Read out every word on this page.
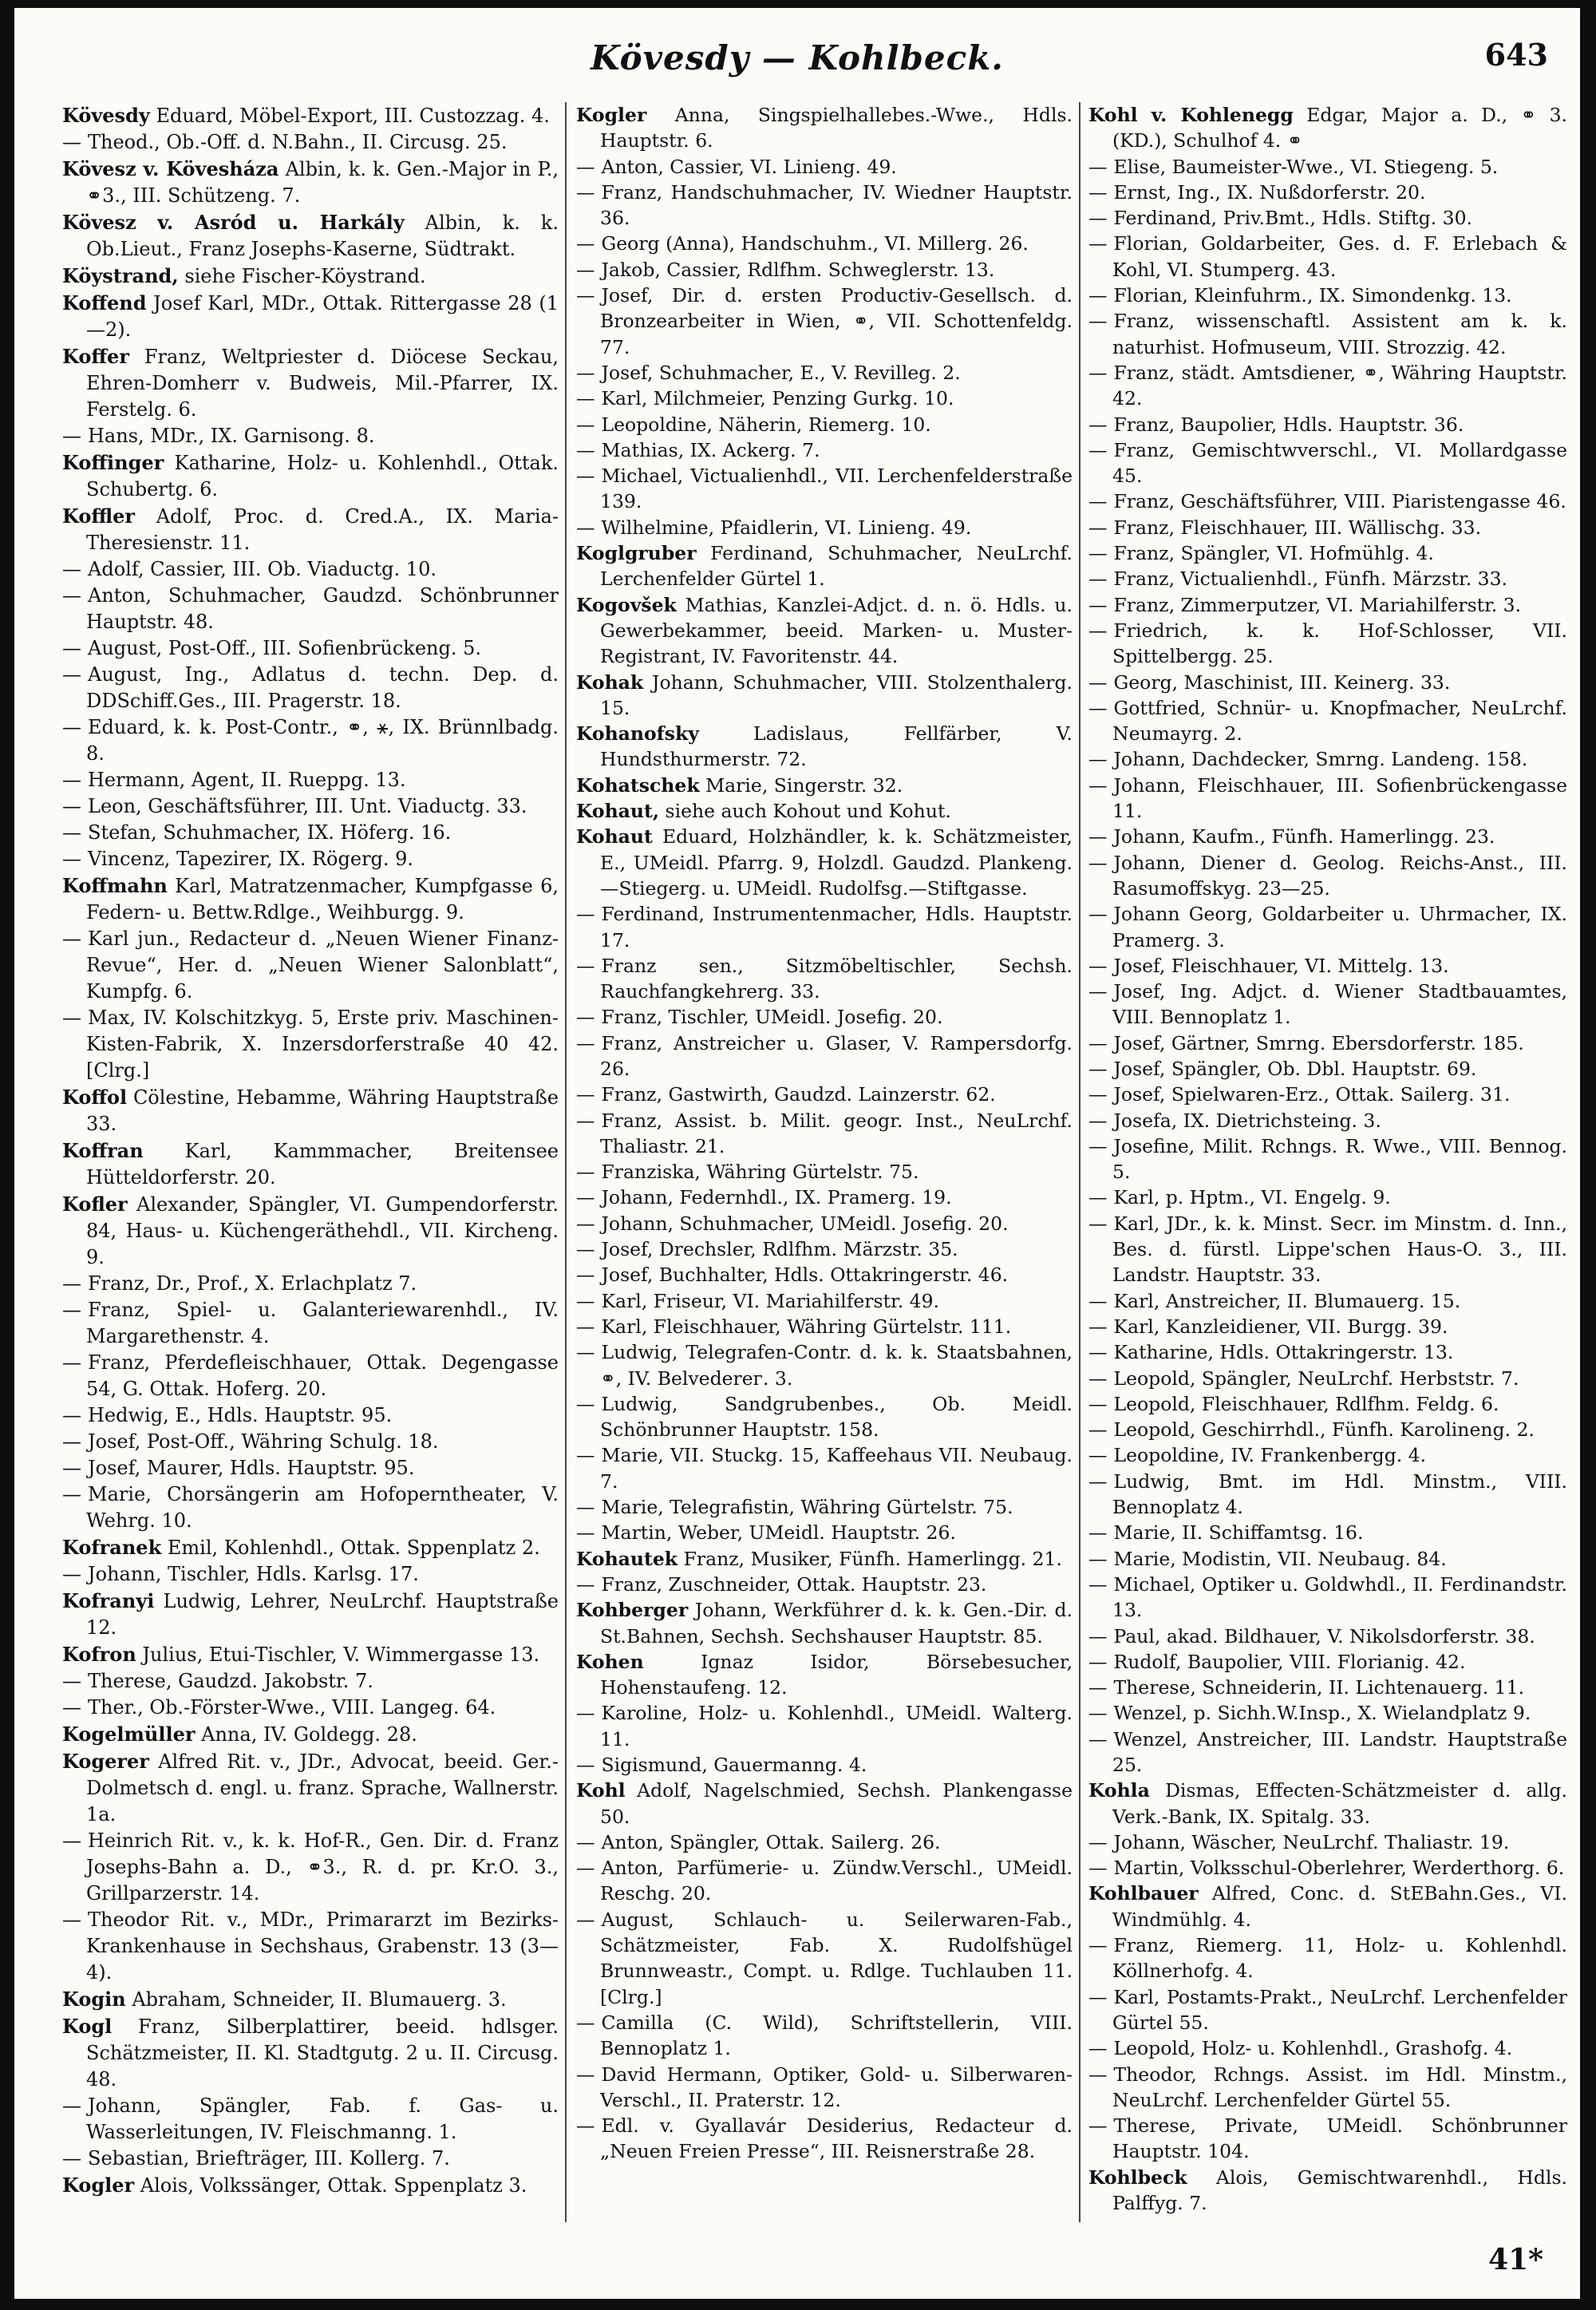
Kövesdy — Kohlbeck.	643

Kövesdy Eduard, Möbel-Export, III. Custozzag. 4.

— Theod., Ob.-Off. d. N.Bahn., II. Circusg. 25.

Kövesz v. Kövesháza Albin, k. k. Gen.-Major in P., ⚭3., III. Schützeng. 7.

Kövesz v. Asród u. Harkály Albin, k. k. Ob.Lieut., Franz Josephs-Kaserne, Südtrakt.

Köystrand, siehe Fischer-Köystrand.

Koffend Josef Karl, MDr., Ottak. Rittergasse 28 (1—2).

Koffer Franz, Weltpriester d. Diöcese Seckau, Ehren-Domherr v. Budweis, Mil.-Pfarrer, IX. Ferstelg. 6.

— Hans, MDr., IX. Garnisong. 8.

Koffinger Katharine, Holz- u. Kohlenhdl., Ottak. Schubertg. 6.

Koffler Adolf, Proc. d. Cred.A., IX. Maria-Theresienstr. 11.

— Adolf, Cassier, III. Ob. Viaductg. 10.

— Anton, Schuhmacher, Gaudzd. Schönbrunner Hauptstr. 48.

— August, Post-Off., III. Sofienbrückeng. 5.

— August, Ing., Adlatus d. techn. Dep. d. DDSchiff.Ges., III. Pragerstr. 18.

— Eduard, k. k. Post-Contr., ⚭, ⚹, IX. Brünnlbadg. 8.

— Hermann, Agent, II. Rueppg. 13.

— Leon, Geschäftsführer, III. Unt. Viaductg. 33.

— Stefan, Schuhmacher, IX. Höferg. 16.

— Vincenz, Tapezirer, IX. Rögerg. 9.

Koffmahn Karl, Matratzenmacher, Kumpfgasse 6, Federn- u. Bettw.Rdlge., Weihburgg. 9.

— Karl jun., Redacteur d. „Neuen Wiener Finanz-Revue“, Her. d. „Neuen Wiener Salonblatt“, Kumpfg. 6.

— Max, IV. Kolschitzkyg. 5, Erste priv. Maschinen-Kisten-Fabrik, X. Inzersdorferstraße 40 42. [Clrg.]

Koffol Cölestine, Hebamme, Währing Hauptstraße 33.

Koffran Karl, Kammmacher, Breitensee Hütteldorferstr. 20.

Kofler Alexander, Spängler, VI. Gumpendorferstr. 84, Haus- u. Küchengeräthehdl., VII. Kircheng. 9.

— Franz, Dr., Prof., X. Erlachplatz 7.

— Franz, Spiel- u. Galanteriewarenhdl., IV. Margarethenstr. 4.

— Franz, Pferdefleischhauer, Ottak. Degengasse 54, G. Ottak. Hoferg. 20.

— Hedwig, E., Hdls. Hauptstr. 95.

— Josef, Post-Off., Währing Schulg. 18.

— Josef, Maurer, Hdls. Hauptstr. 95.

— Marie, Chorsängerin am Hofoperntheater, V. Wehrg. 10.

Kofranek Emil, Kohlenhdl., Ottak. Sppenplatz 2.

— Johann, Tischler, Hdls. Karlsg. 17.

Kofranyi Ludwig, Lehrer, NeuLrchf. Hauptstraße 12.

Kofron Julius, Etui-Tischler, V. Wimmergasse 13.

— Therese, Gaudzd. Jakobstr. 7.

— Ther., Ob.-Förster-Wwe., VIII. Langeg. 64.

Kogelmüller Anna, IV. Goldegg. 28.

Kogerer Alfred Rit. v., JDr., Advocat, beeid. Ger.-Dolmetsch d. engl. u. franz. Sprache, Wallnerstr. 1a.

— Heinrich Rit. v., k. k. Hof-R., Gen. Dir. d. Franz Josephs-Bahn a. D., ⚭3., R. d. pr. Kr.O. 3., Grillparzerstr. 14.

— Theodor Rit. v., MDr., Primararzt im Bezirks-Krankenhause in Sechshaus, Grabenstr. 13 (3—4).

Kogin Abraham, Schneider, II. Blumauerg. 3.

Kogl Franz, Silberplattirer, beeid. hdlsger. Schätzmeister, II. Kl. Stadtgutg. 2 u. II. Circusg. 48.

— Johann, Spängler, Fab. f. Gas- u. Wasserleitungen, IV. Fleischmanng. 1.

— Sebastian, Briefträger, III. Kollerg. 7.

Kogler Alois, Volkssänger, Ottak. Sppenplatz 3.

Kogler Anna, Singspielhallebes.-Wwe., Hdls. Hauptstr. 6.

— Anton, Cassier, VI. Linieng. 49.

— Franz, Handschuhmacher, IV. Wiedner Hauptstr. 36.

— Georg (Anna), Handschuhm., VI. Millerg. 26.

— Jakob, Cassier, Rdlfhm. Schweglerstr. 13.

— Josef, Dir. d. ersten Productiv-Gesellsch. d. Bronzearbeiter in Wien, ⚭, VII. Schottenfeldg. 77.

— Josef, Schuhmacher, E., V. Revilleg. 2.

— Karl, Milchmeier, Penzing Gurkg. 10.

— Leopoldine, Näherin, Riemerg. 10.

— Mathias, IX. Ackerg. 7.

— Michael, Victualienhdl., VII. Lerchenfelderstraße 139.

— Wilhelmine, Pfaidlerin, VI. Linieng. 49.

Koglgruber Ferdinand, Schuhmacher, NeuLrchf. Lerchenfelder Gürtel 1.

Kogovšek Mathias, Kanzlei-Adjct. d. n. ö. Hdls. u. Gewerbekammer, beeid. Marken- u. Muster-Registrant, IV. Favoritenstr. 44.

Kohak Johann, Schuhmacher, VIII. Stolzenthalerg. 15.

Kohanofsky	Ladislaus, Fellfärber, V. Hundsthurmerstr. 72.

Kohatschek Marie, Singerstr. 32.

Kohaut, siehe auch Kohout und Kohut.

Kohaut Eduard, Holzhändler, k. k. Schätzmeister, E., UMeidl. Pfarrg. 9, Holzdl. Gaudzd. Plankeng.—Stiegerg. u. UMeidl. Rudolfsg.—Stiftgasse.

— Ferdinand, Instrumentenmacher, Hdls. Hauptstr. 17.

— Franz sen., Sitzmöbeltischler, Sechsh. Rauchfangkehrerg. 33.

— Franz, Tischler, UMeidl. Josefig. 20.

— Franz, Anstreicher u. Glaser, V. Rampersdorfg. 26.

— Franz, Gastwirth, Gaudzd. Lainzerstr. 62.

— Franz, Assist. b. Milit. geogr. Inst., NeuLrchf. Thaliastr. 21.

— Franziska, Währing Gürtelstr. 75.

— Johann, Federnhdl., IX. Pramerg. 19.

— Johann, Schuhmacher, UMeidl. Josefig. 20.

— Josef, Drechsler, Rdlfhm. Märzstr. 35.

— Josef, Buchhalter, Hdls. Ottakringerstr. 46.

— Karl, Friseur, VI. Mariahilferstr. 49.

— Karl, Fleischhauer, Währing Gürtelstr. 111.

— Ludwig, Telegrafen-Contr. d. k. k. Staatsbahnen, ⚭, IV. Belvederег. 3.

— Ludwig, Sandgrubenbes., Ob. Meidl. Schönbrunner Hauptstr. 158.

— Marie, VII. Stuckg. 15, Kaffeehaus VII. Neubaug. 7.

— Marie, Telegrafistin, Währing Gürtelstr. 75.

— Martin, Weber, UMeidl. Hauptstr. 26.

Kohautek Franz, Musiker, Fünfh. Hamerlingg. 21.

— Franz, Zuschneider, Ottak. Hauptstr. 23.

Kohberger Johann, Werkführer d. k. k. Gen.-Dir. d. St.Bahnen, Sechsh. Sechshauser Hauptstr. 85.

Kohen	Ignaz Isidor, Börsebesucher, Hohenstaufeng. 12.

— Karoline, Holz- u. Kohlenhdl., UMeidl. Walterg. 11.

— Sigismund, Gauermanng. 4.

Kohl Adolf, Nagelschmied, Sechsh. Plankengasse 50.

— Anton, Spängler, Ottak. Sailerg. 26.

— Anton, Parfümerie- u. Zündw.Verschl., UMeidl. Reschg. 20.

— August, Schlauch- u. Seilerwaren-Fab., Schätzmeister, Fab. X. Rudolfshügel Brunnweastr., Compt. u. Rdlge. Tuchlauben 11. [Clrg.]

— Camilla (C. Wild), Schriftstellerin, VIII. Bennoplatz 1.

— David Hermann, Optiker, Gold- u. Silberwaren-Verschl., II. Praterstr. 12.

— Edl. v. Gyallavár Desiderius, Redacteur d. „Neuen Freien Presse“, III. Reisnerstraße 28.

Kohl v. Kohlenegg Edgar, Major a. D., ⚭ 3. (KD.), Schulhof 4. ⚭

— Elise, Baumeister-Wwe., VI. Stiegeng. 5.

— Ernst, Ing., IX. Nußdorferstr. 20.

— Ferdinand, Priv.Bmt., Hdls. Stiftg. 30.

— Florian, Goldarbeiter, Ges. d. F. Erlebach & Kohl, VI. Stumperg. 43.

— Florian, Kleinfuhrm., IX. Simondenkg. 13.

— Franz, wissenschaftl. Assistent am k. k. naturhist. Hofmuseum, VIII. Strozzig. 42.

— Franz, städt. Amtsdiener, ⚭, Währing Hauptstr. 42.

— Franz, Baupolier, Hdls. Hauptstr. 36.

— Franz, Gemischtwverschl., VI. Mollardgasse 45.

— Franz, Geschäftsführer, VIII. Piaristengasse 46.

— Franz, Fleischhauer, III. Wällischg. 33.

— Franz, Spängler, VI. Hofmühlg. 4.

— Franz, Victualienhdl., Fünfh. Märzstr. 33.

— Franz, Zimmerputzer, VI. Mariahilferstr. 3.

— Friedrich, k. k. Hof-Schlosser, VII. Spittelbergg. 25.

— Georg, Maschinist, III. Keinerg. 33.

— Gottfried, Schnür- u. Knopfmacher, NeuLrchf. Neumayrg. 2.

— Johann, Dachdecker, Smrng. Landeng. 158.

— Johann, Fleischhauer, III. Sofienbrückengasse 11.

— Johann, Kaufm., Fünfh. Hamerlingg. 23.

— Johann, Diener d. Geolog. Reichs-Anst., III. Rasumoffskyg. 23—25.

— Johann Georg, Goldarbeiter u. Uhrmacher, IX. Pramerg. 3.

— Josef, Fleischhauer, VI. Mittelg. 13.

— Josef, Ing. Adjct. d. Wiener Stadtbauamtes, VIII. Bennoplatz 1.

— Josef, Gärtner, Smrng. Ebersdorferstr. 185.

— Josef, Spängler, Ob. Dbl. Hauptstr. 69.

— Josef, Spielwaren-Erz., Ottak. Sailerg. 31.

— Josefa, IX. Dietrichsteing. 3.

— Josefine, Milit. Rchngs. R. Wwe., VIII. Bennog. 5.

— Karl, p. Hptm., VI. Engelg. 9.

— Karl, JDr., k. k. Minst. Secr. im Minstm. d. Inn., Bes. d. fürstl. Lippe'schen Haus-O. 3., III. Landstr. Hauptstr. 33.

— Karl, Anstreicher, II. Blumauerg. 15.

— Karl, Kanzleidiener, VII. Burgg. 39.

— Katharine, Hdls. Ottakringerstr. 13.

— Leopold, Spängler, NeuLrchf. Herbststr. 7.

— Leopold, Fleischhauer, Rdlfhm. Feldg. 6.

— Leopold, Geschirrhdl., Fünfh. Karolineng. 2.

— Leopoldine, IV. Frankenbergg. 4.

— Ludwig, Bmt. im Hdl. Minstm., VIII. Bennoplatz 4.

— Marie, II. Schiffamtsg. 16.

— Marie, Modistin, VII. Neubaug. 84.

— Michael, Optiker u. Goldwhdl., II. Ferdinandstr. 13.

— Paul, akad. Bildhauer, V. Nikolsdorferstr. 38.

— Rudolf, Baupolier, VIII. Florianig. 42.

— Therese, Schneiderin, II. Lichtenauerg. 11.

— Wenzel, p. Sichh.W.Insp., X. Wielandplatz 9.

— Wenzel, Anstreicher, III. Landstr. Hauptstraße 25.

Kohla Dismas, Effecten-Schätzmeister d. allg. Verk.-Bank, IX. Spitalg. 33.

— Johann, Wäscher, NeuLrchf. Thaliastr. 19.

— Martin, Volksschul-Oberlehrer, Werderthorg. 6.

Kohlbauer Alfred, Conc. d. StEBahn.Ges., VI. Windmühlg. 4.

— Franz, Riemerg. 11, Holz- u. Kohlenhdl. Köllnerhofg. 4.

— Karl, Postamts-Prakt., NeuLrchf. Lerchenfelder Gürtel 55.

— Leopold, Holz- u. Kohlenhdl., Grashofg. 4.

— Theodor, Rchngs. Assist. im Hdl. Minstm., NeuLrchf. Lerchenfelder Gürtel 55.

— Therese, Private, UMeidl. Schönbrunner Hauptstr. 104.

Kohlbeck Alois, Gemischtwarenhdl., Hdls. Palffyg. 7.

41*
